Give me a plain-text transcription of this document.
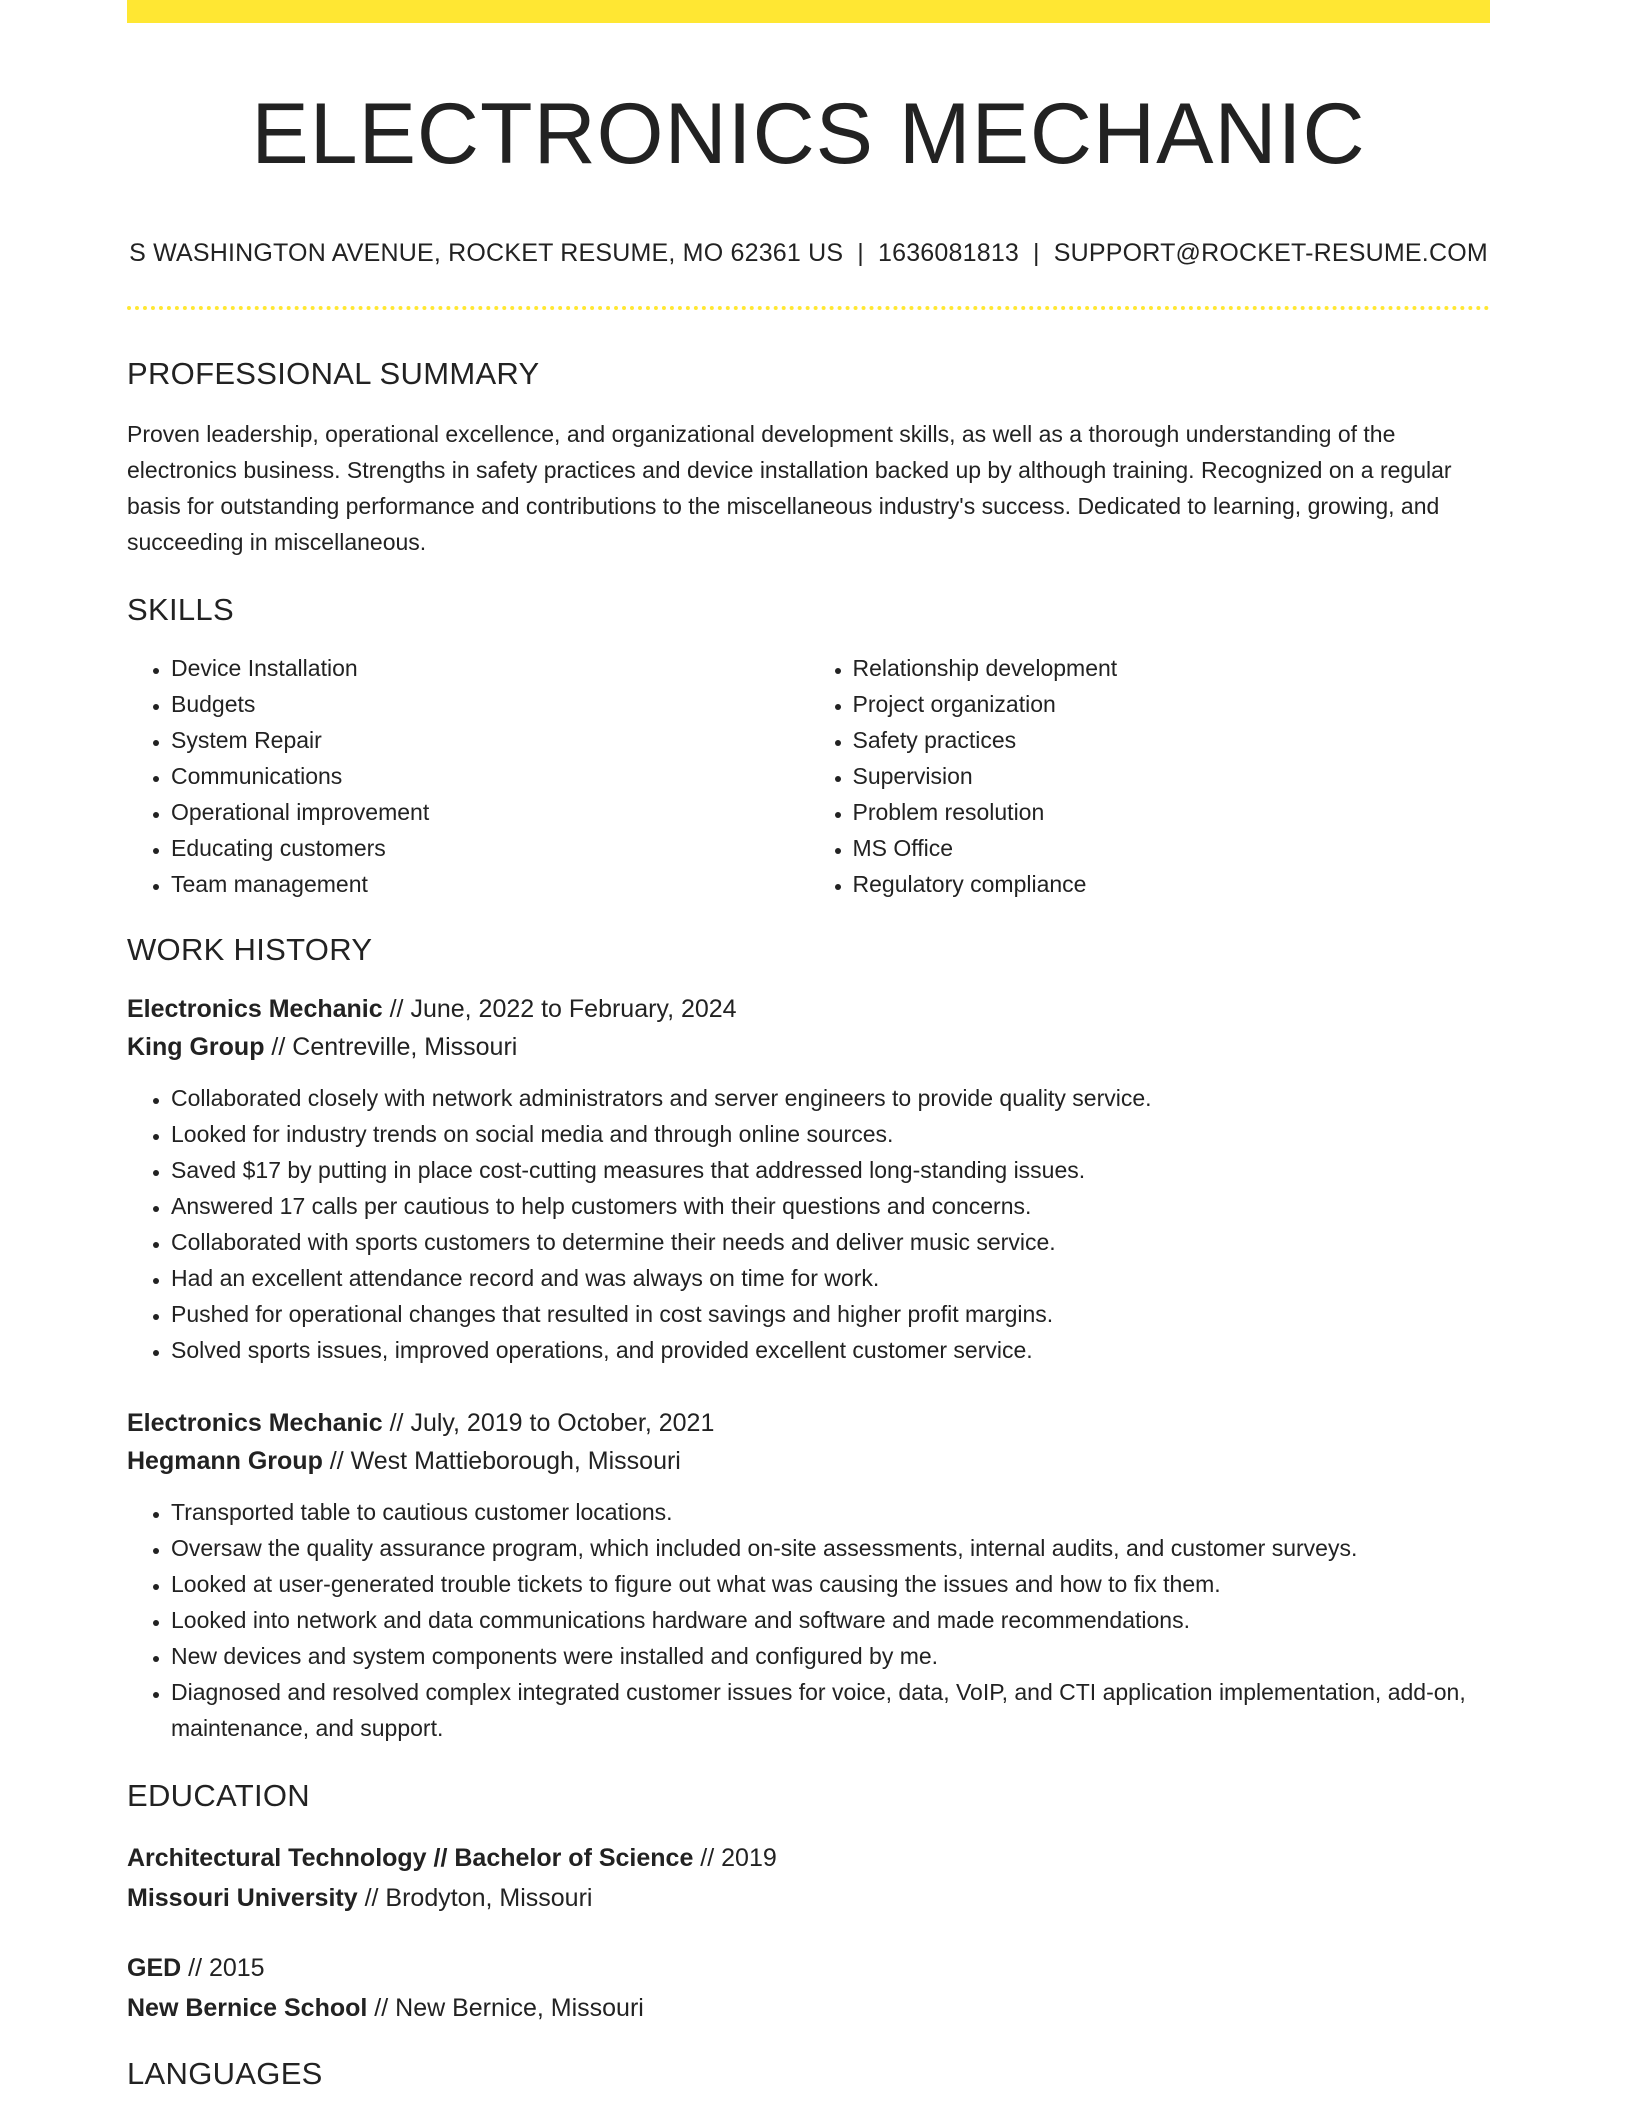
ELECTRONICS MECHANIC
S WASHINGTON AVENUE, ROCKET RESUME, MO 62361 US | 1636081813 | SUPPORT@ROCKET-RESUME.COM
PROFESSIONAL SUMMARY
Proven leadership, operational excellence, and organizational development skills, as well as a thorough understanding of the electronics business. Strengths in safety practices and device installation backed up by although training. Recognized on a regular basis for outstanding performance and contributions to the miscellaneous industry's success. Dedicated to learning, growing, and succeeding in miscellaneous.
SKILLS
• Device Installation
• Budgets
• System Repair
• Communications
• Operational improvement
• Educating customers
• Team management
• Relationship development
• Project organization
• Safety practices
• Supervision
• Problem resolution
• MS Office
• Regulatory compliance
WORK HISTORY
Electronics Mechanic // June, 2022 to February, 2024
King Group // Centreville, Missouri
• Collaborated closely with network administrators and server engineers to provide quality service.
• Looked for industry trends on social media and through online sources.
• Saved $17 by putting in place cost-cutting measures that addressed long-standing issues.
• Answered 17 calls per cautious to help customers with their questions and concerns.
• Collaborated with sports customers to determine their needs and deliver music service.
• Had an excellent attendance record and was always on time for work.
• Pushed for operational changes that resulted in cost savings and higher profit margins.
• Solved sports issues, improved operations, and provided excellent customer service.
Electronics Mechanic // July, 2019 to October, 2021
Hegmann Group // West Mattieborough, Missouri
• Transported table to cautious customer locations.
• Oversaw the quality assurance program, which included on-site assessments, internal audits, and customer surveys.
• Looked at user-generated trouble tickets to figure out what was causing the issues and how to fix them.
• Looked into network and data communications hardware and software and made recommendations.
• New devices and system components were installed and configured by me.
• Diagnosed and resolved complex integrated customer issues for voice, data, VoIP, and CTI application implementation, add-on, maintenance, and support.
EDUCATION
Architectural Technology // Bachelor of Science // 2019
Missouri University // Brodyton, Missouri
GED // 2015
New Bernice School // New Bernice, Missouri
LANGUAGES
